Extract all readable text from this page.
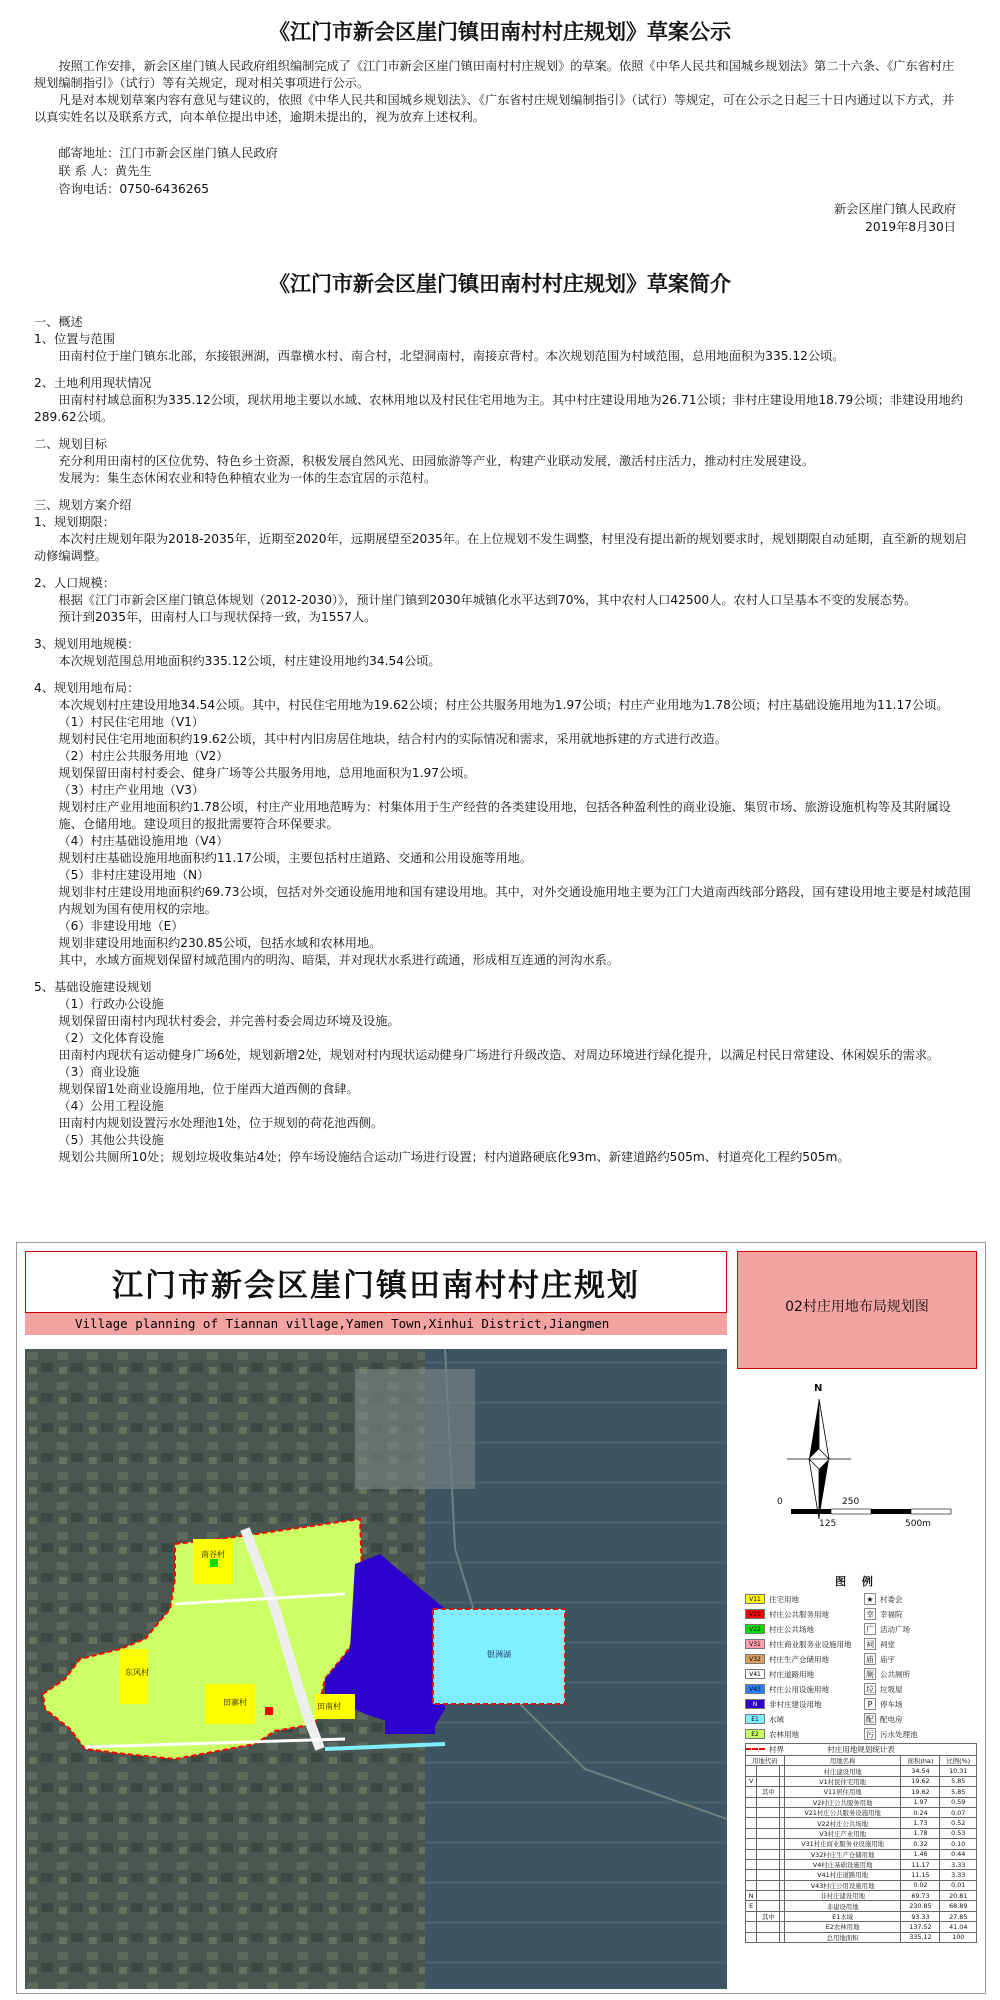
《江门市新会区崖门镇田南村村庄规划》草案公示

按照工作安排，新会区崖门镇人民政府组织编制完成了《江门市新会区崖门镇田南村村庄规划》的草案。依照《中华人民共和国城乡规划法》第二十六条、《广东省村庄规划编制指引》（试行）等有关规定，现对相关事项进行公示。

凡是对本规划草案内容有意见与建议的，依照《中华人民共和国城乡规划法》、《广东省村庄规划编制指引》（试行）等规定，可在公示之日起三十日内通过以下方式，并以真实姓名以及联系方式，向本单位提出申述，逾期未提出的，视为放弃上述权利。

邮寄地址：江门市新会区崖门镇人民政府
联 系 人：黄先生
咨询电话：0750-6436265
新会区崖门镇人民政府
2019年8月30日
《江门市新会区崖门镇田南村村庄规划》草案简介

一、概述

1、位置与范围

田南村位于崖门镇东北部，东接银洲湖，西靠横水村、南合村，北望洞南村，南接京背村。本次规划范围为村域范围，总用地面积为335.12公顷。

2、土地利用现状情况

田南村村域总面积为335.12公顷，现状用地主要以水域、农林用地以及村民住宅用地为主。其中村庄建设用地为26.71公顷；非村庄建设用地18.79公顷；非建设用地约289.62公顷。

二、规划目标

充分利用田南村的区位优势、特色乡土资源，积极发展自然风光、田园旅游等产业，构建产业联动发展，激活村庄活力，推动村庄发展建设。

发展为：集生态休闲农业和特色种植农业为一体的生态宜居的示范村。

三、规划方案介绍

1、规划期限：

本次村庄规划年限为2018-2035年，近期至2020年，远期展望至2035年。在上位规划不发生调整，村里没有提出新的规划要求时，规划期限自动延期，直至新的规划启动修编调整。

2、人口规模：

根据《江门市新会区崖门镇总体规划（2012-2030）》，预计崖门镇到2030年城镇化水平达到70%，其中农村人口42500人。农村人口呈基本不变的发展态势。

预计到2035年，田南村人口与现状保持一致，为1557人。

3、规划用地规模：

本次规划范围总用地面积约335.12公顷，村庄建设用地约34.54公顷。

4、规划用地布局：

本次规划村庄建设用地34.54公顷。其中，村民住宅用地为19.62公顷；村庄公共服务用地为1.97公顷；村庄产业用地为1.78公顷；村庄基础设施用地为11.17公顷。

（1）村民住宅用地（V1）

规划村民住宅用地面积约19.62公顷，其中村内旧房居住地块，结合村内的实际情况和需求，采用就地拆建的方式进行改造。

（2）村庄公共服务用地（V2）

规划保留田南村村委会、健身广场等公共服务用地，总用地面积为1.97公顷。

（3）村庄产业用地（V3）

规划村庄产业用地面积约1.78公顷，村庄产业用地范畴为：村集体用于生产经营的各类建设用地，包括各种盈利性的商业设施、集贸市场、旅游设施机构等及其附属设施、仓储用地。建设项目的报批需要符合环保要求。

（4）村庄基础设施用地（V4）

规划村庄基础设施用地面积约11.17公顷，主要包括村庄道路、交通和公用设施等用地。

（5）非村庄建设用地（N）

规划非村庄建设用地面积约69.73公顷，包括对外交通设施用地和国有建设用地。其中，对外交通设施用地主要为江门大道南西线部分路段，国有建设用地主要是村域范围内规划为国有使用权的宗地。

（6）非建设用地（E）

规划非建设用地面积约230.85公顷，包括水域和农林用地。

其中，水域方面规划保留村域范围内的明沟、暗渠，并对现状水系进行疏通，形成相互连通的河沟水系。

5、基础设施建设规划

（1）行政办公设施

规划保留田南村内现状村委会，并完善村委会周边环境及设施。

（2）文化体育设施

田南村内现状有运动健身广场6处，规划新增2处，规划对村内现状运动健身广场进行升级改造、对周边环境进行绿化提升，以满足村民日常建设、休闲娱乐的需求。

（3）商业设施

规划保留1处商业设施用地，位于崖西大道西侧的食肆。

（4）公用工程设施

田南村内规划设置污水处理池1处，位于规划的荷花池西侧。

（5）其他公共设施

规划公共厕所10处；规划垃圾收集站4处；停车场设施结合运动广场进行设置；村内道路硬底化93m、新建道路约505m、村道亮化工程约505m。

江门市新会区崖门镇田南村村庄规划
Village planning of Tiannan village,Yamen Town,Xinhui District,Jiangmen
02村庄用地布局规划图
南谷村
田寨村	田南村
东风村
银洲湖
N
0	250
125	500m
图 例
V11	住宅用地	★ 村委会
V21	村庄公共服务用地	幸 幸福院
V22	村庄公共场地	广 活动广场
V31	村庄商业服务业设施用地 祠 祠堂
V32	村庄生产仓储用地	庙 庙宇
V41	村庄道路用地	厕 公共厕所
V43	村庄公用设施用地	垃 垃圾屋
N	非村庄建设用地	P	停车场
E1	水域	配 配电房
E2	农林用地	污 污水处理池
村界	村庄用地规划统计表
用地代码			用地名称	面积(ha)	比例(%)
			村庄建设用地	34.54	10.31
V			V1村民住宅用地	19.62	5.85
	其中		V11居住用地	19.62	5.85
			V2村庄公共服务用地	1.97	0.59
			V21村庄公共服务设施用地	0.24	0.07
			V22村庄公共场地	1.73	0.52
			V3村庄产业用地	1.78	0.53
			V31村庄商业服务业设施用地	0.32	0.10
			V32村庄生产仓储用地	1.46	0.44
			V4村庄基础设施用地	11.17	3.33
			V41村庄道路用地	11.15	3.33
			V43村庄公用设施用地	0.02	0.01
N			非村庄建设用地	69.73	20.81
E			非建设用地	230.85	68.89
	其中		E1水域	93.33	27.85
			E2农林用地	137.52	41.04
			总用地面积	335.12	100
